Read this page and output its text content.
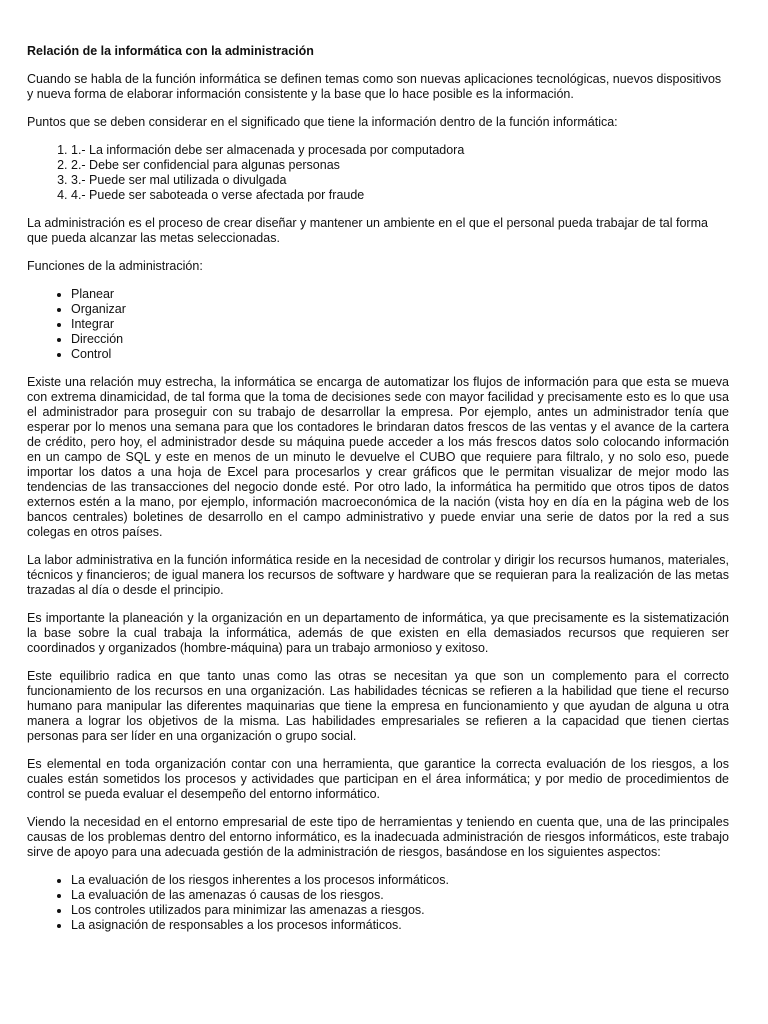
Relación de la informática con la administración

Cuando se habla de la función informática se definen temas como son nuevas aplicaciones tecnológicas, nuevos dispositivos y nueva forma de elaborar información consistente y la base que lo hace posible es la información.

Puntos que se deben considerar en el significado que tiene la información dentro de la función informática:

1. 1.- La información debe ser almacenada y procesada por computadora
2. 2.- Debe ser confidencial para algunas personas
3. 3.- Puede ser mal utilizada o divulgada
4. 4.- Puede ser saboteada o verse afectada por fraude

La administración es el proceso de crear diseñar y mantener un ambiente en el que el personal pueda trabajar de tal forma que pueda alcanzar las metas seleccionadas.

Funciones de la administración:

• Planear
• Organizar
• Integrar
• Dirección
• Control

Existe una relación muy estrecha, la informática se encarga de automatizar los flujos de información para que esta se mueva con extrema dinamicidad, de tal forma que la toma de decisiones sede con mayor facilidad y precisamente esto es lo que usa el administrador para proseguir con su trabajo de desarrollar la empresa. Por ejemplo, antes un administrador tenía que esperar por lo menos una semana para que los contadores le brindaran datos frescos de las ventas y el avance de la cartera de crédito, pero hoy, el administrador desde su máquina puede acceder a los más frescos datos solo colocando información en un campo de SQL y este en menos de un minuto le devuelve el CUBO que requiere para filtralo, y no solo eso, puede importar los datos a una hoja de Excel para procesarlos y crear gráficos que le permitan visualizar de mejor modo las tendencias de las transacciones del negocio donde esté. Por otro lado, la informática ha permitido que otros tipos de datos externos estén a la mano, por ejemplo, información macroeconómica de la nación (vista hoy en día en la página web de los bancos centrales) boletines de desarrollo en el campo administrativo y puede enviar una serie de datos por la red a sus colegas en otros países.

La labor administrativa en la función informática reside en la necesidad de controlar y dirigir los recursos humanos, materiales, técnicos y financieros; de igual manera los recursos de software y hardware que se requieran para la realización de las metas trazadas al día o desde el principio.

Es importante la planeación y la organización en un departamento de informática, ya que precisamente es la sistematización la base sobre la cual trabaja la informática, además de que existen en ella demasiados recursos que requieren ser coordinados y organizados (hombre-máquina) para un trabajo armonioso y exitoso.

Este equilibrio radica en que tanto unas como las otras se necesitan ya que son un complemento para el correcto funcionamiento de los recursos en una organización. Las habilidades técnicas se refieren a la habilidad que tiene el recurso humano para manipular las diferentes maquinarias que tiene la empresa en funcionamiento y que ayudan de alguna u otra manera a lograr los objetivos de la misma. Las habilidades empresariales se refieren a la capacidad que tienen ciertas personas para ser líder en una organización o grupo social.

Es elemental en toda organización contar con una herramienta, que garantice la correcta evaluación de los riesgos, a los cuales están sometidos los procesos y actividades que participan en el área informática; y por medio de procedimientos de control se pueda evaluar el desempeño del entorno informático.

Viendo la necesidad en el entorno empresarial de este tipo de herramientas y teniendo en cuenta que, una de las principales causas de los problemas dentro del entorno informático, es la inadecuada administración de riesgos informáticos, este trabajo sirve de apoyo para una adecuada gestión de la administración de riesgos, basándose en los siguientes aspectos:

• La evaluación de los riesgos inherentes a los procesos informáticos.
• La evaluación de las amenazas ó causas de los riesgos.
• Los controles utilizados para minimizar las amenazas a riesgos.
• La asignación de responsables a los procesos informáticos.
